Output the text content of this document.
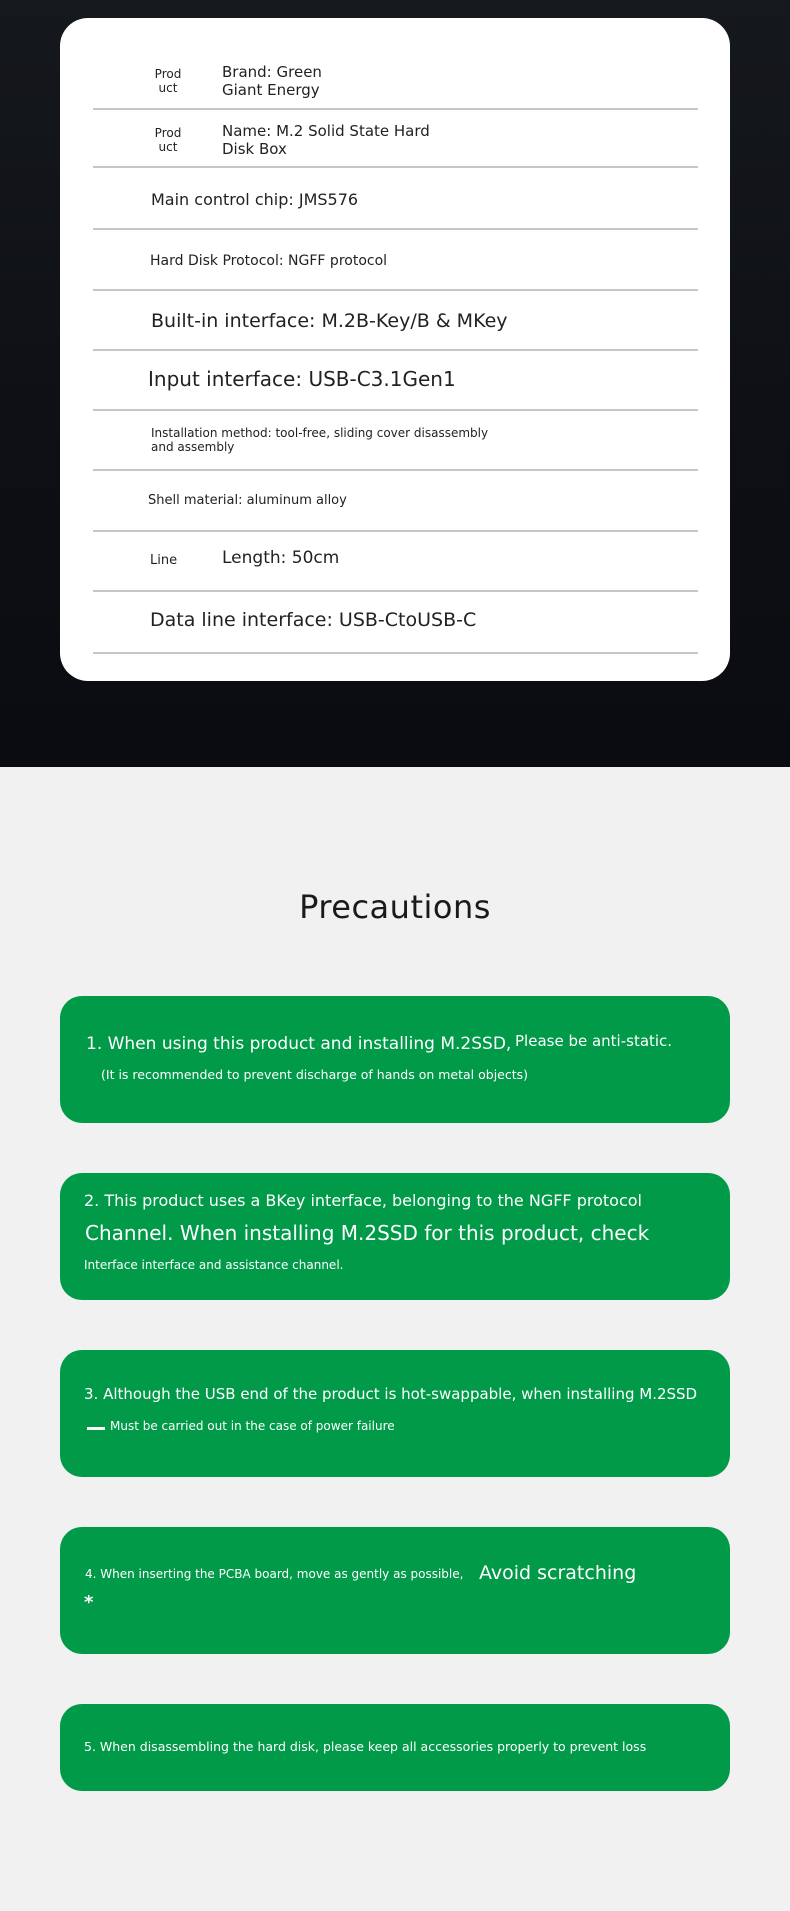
Prod
uct
Brand: Green
Giant Energy
Prod
uct
Name: M.2 Solid State Hard
Disk Box
Main control chip: JMS576
Hard Disk Protocol: NGFF protocol
Built-in interface: M.2B-Key/B & MKey
Input interface: USB-C3.1Gen1
Installation method: tool-free, sliding cover disassembly
and assembly
Shell material: aluminum alloy
Line	Length: 50cm
Data line interface: USB-CtoUSB-C
Precautions
1. When using this product and installing M.2SSD, Please be anti-static.
(It is recommended to prevent discharge of hands on metal objects)
2. This product uses a BKey interface, belonging to the NGFF protocol
Channel. When installing M.2SSD for this product, check
Interface interface and assistance channel.
3. Although the USB end of the product is hot-swappable, when installing M.2SSD
Must be carried out in the case of power failure
4. When inserting the PCBA board, move as gently as possible, Avoid scratching
*
5. When disassembling the hard disk, please keep all accessories properly to prevent loss
